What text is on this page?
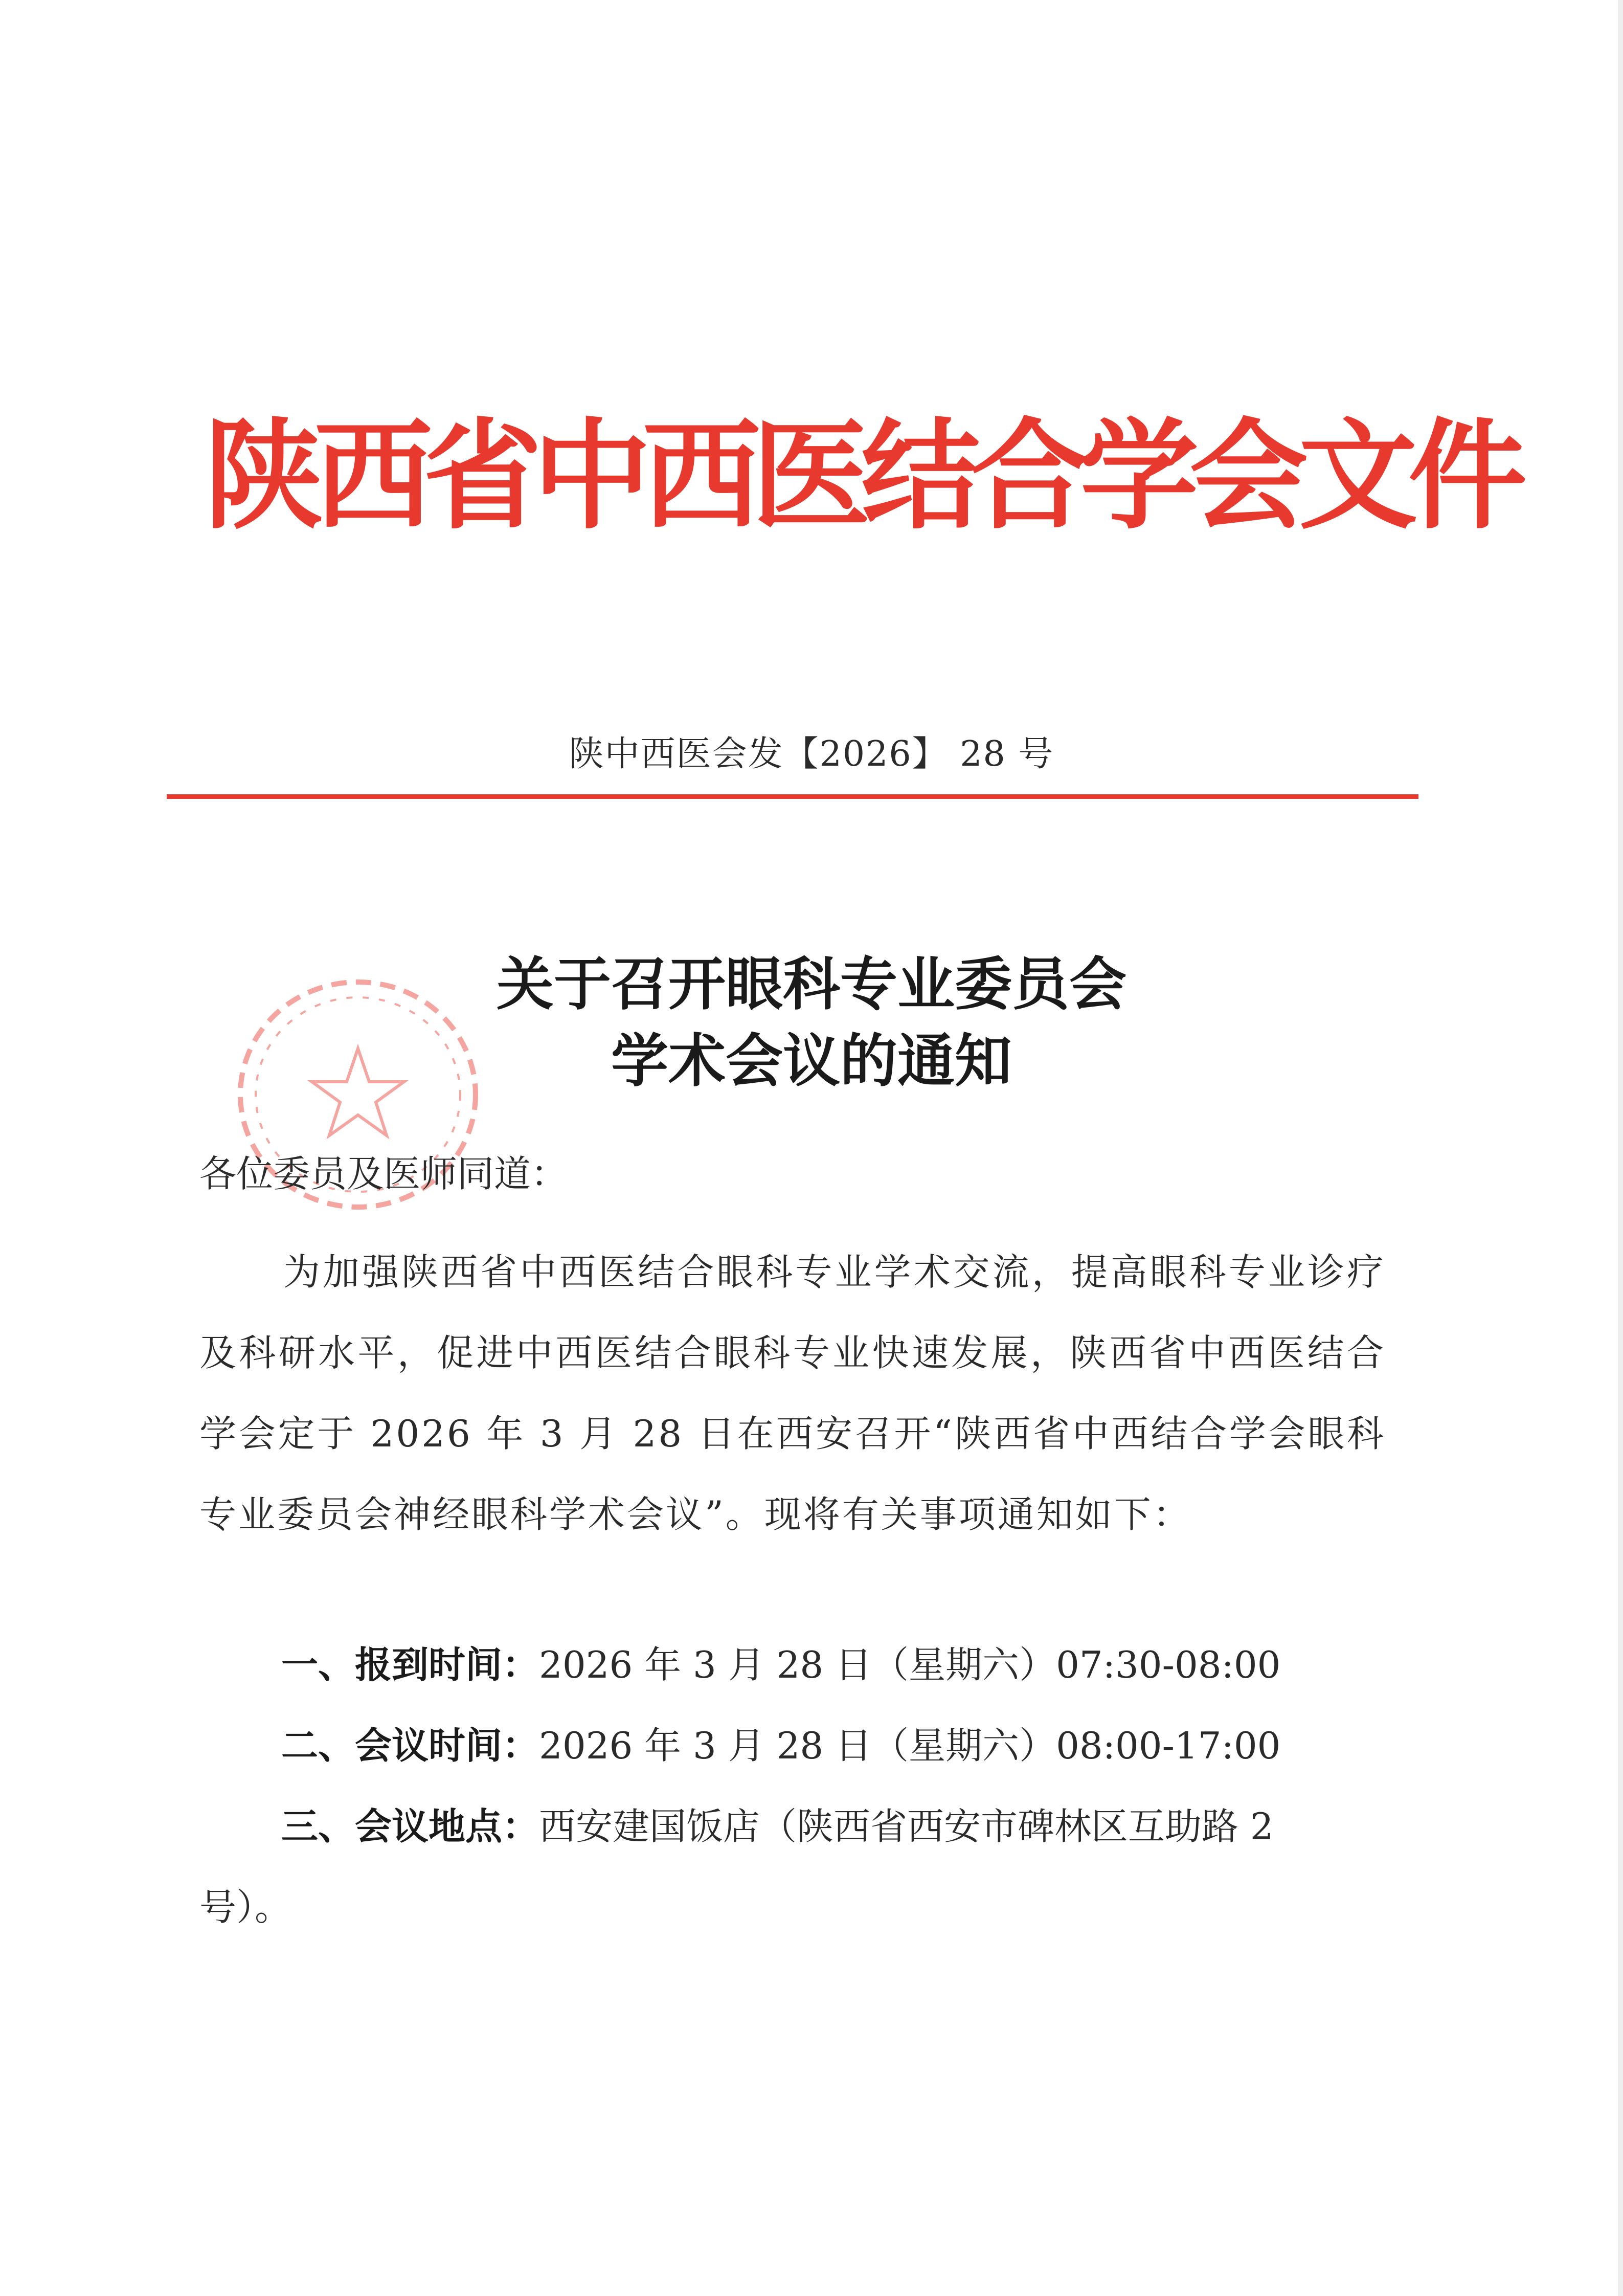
陕西省中西医结合学会文件
陕中西医会发【2026】 28 号
关于召开眼科专业委员会
学术会议的通知
各位委员及医师同道：
为加强陕西省中西医结合眼科专业学术交流，提高眼科专业诊疗及科研水平，促进中西医结合眼科专业快速发展，陕西省中西医结合学会定于 2026 年 3 月 28 日在西安召开“陕西省中西结合学会眼科专业委员会神经眼科学术会议”。现将有关事项通知如下：
一、报到时间：2026 年 3 月 28 日（星期六）07:30-08:00
二、会议时间：2026 年 3 月 28 日（星期六）08:00-17:00
三、会议地点：西安建国饭店（陕西省西安市碑林区互助路 2
号）。
